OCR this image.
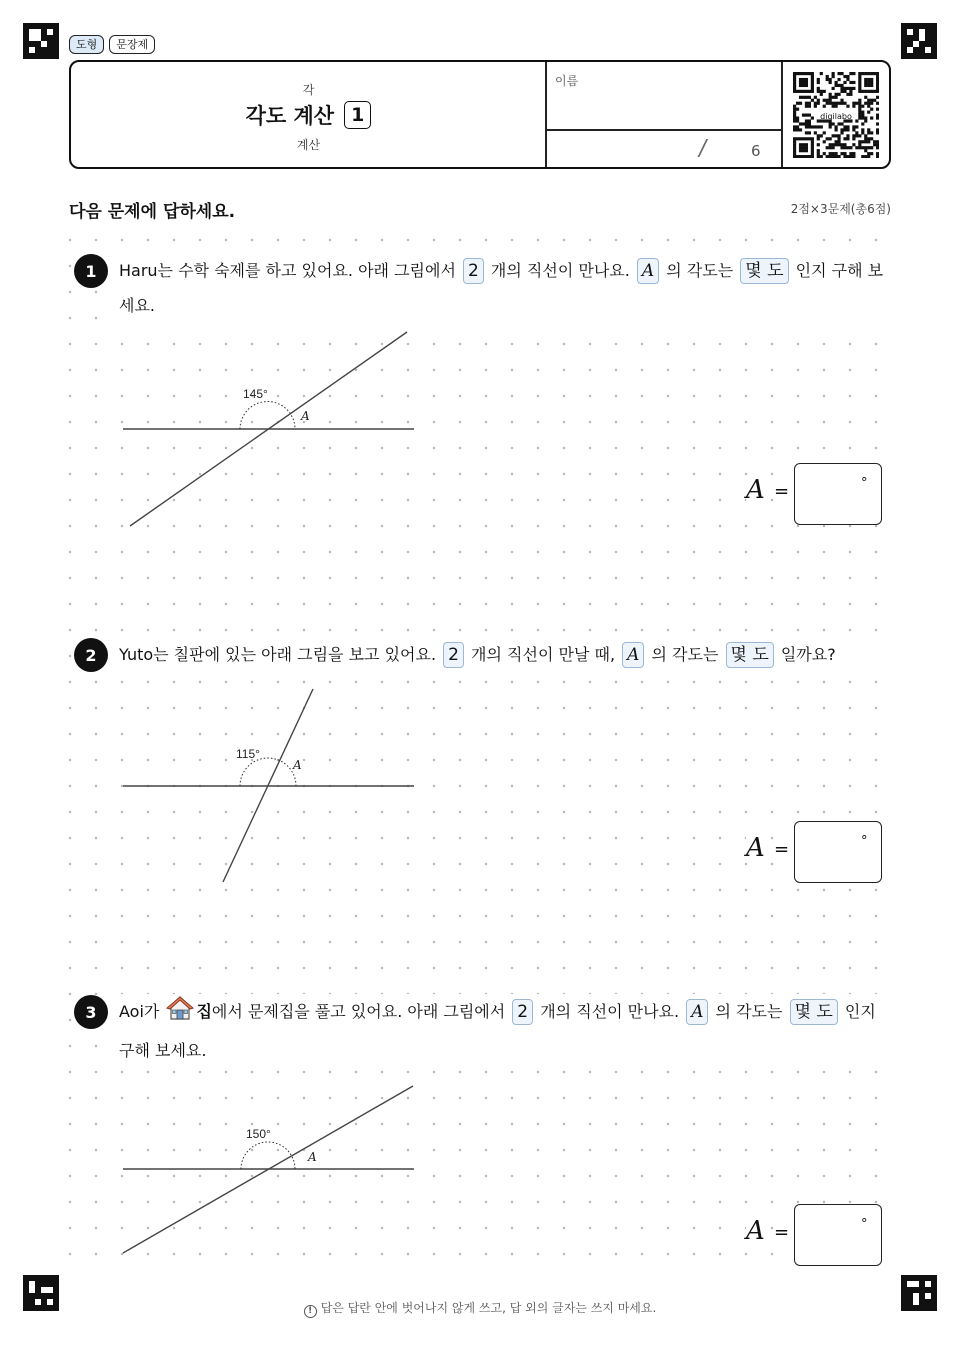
도형	문장제
각
각도 계산 1
계산
이름
/	6
digilabo
다음 문제에 답하세요.	2점×3문제(총6점)
1	Haru는 수학 숙제를 하고 있어요. 아래 그림에서 2 개의 직선이 만나요. A 의 각도는 몇 도 인지 구해 보세요.
145°
A
A =	°
2	Yuto는 칠판에 있는 아래 그림을 보고 있어요. 2 개의 직선이 만날 때, A 의 각도는 몇 도 일까요?
115°
A
A =	°
3	Aoi가 집에서 문제집을 풀고 있어요. 아래 그림에서 2 개의 직선이 만나요. A 의 각도는 몇 도 인지 구해 보세요.
150°
A
A =	°
! 답은 답란 안에 벗어나지 않게 쓰고, 답 외의 글자는 쓰지 마세요.
